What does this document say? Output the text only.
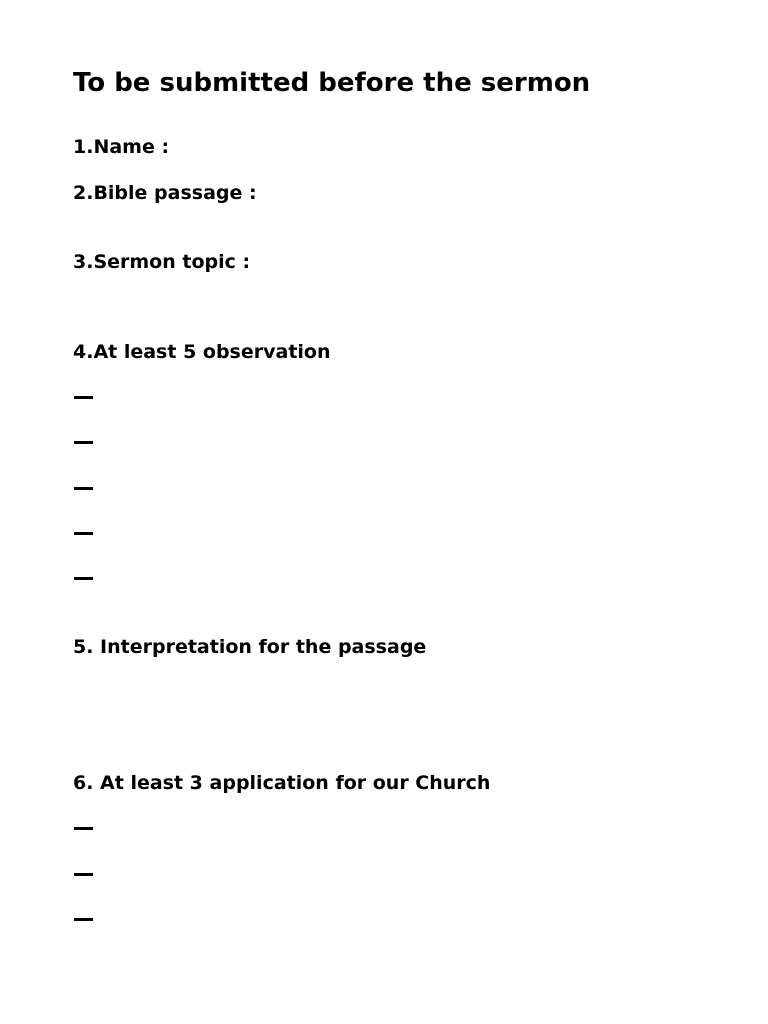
To be submitted before the sermon

1.Name :

2.Bible passage :

3.Sermon topic :

4.At least 5 observation

5. Interpretation for the passage

6. At least 3 application for our Church
